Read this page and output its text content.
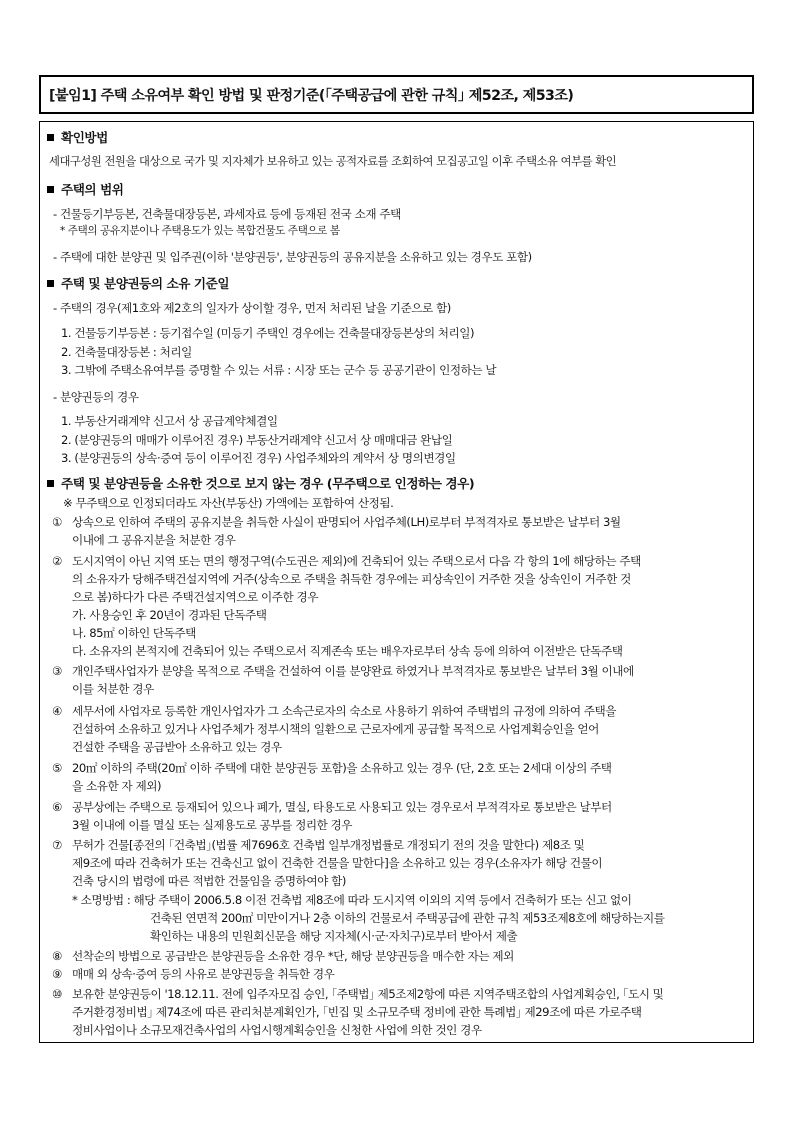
[붙임1] 주택 소유여부 확인 방법 및 판정기준(｢주택공급에 관한 규칙｣ 제52조, 제53조)
확인방법
세대구성원 전원을 대상으로 국가 및 지자체가 보유하고 있는 공적자료를 조회하여 모집공고일 이후 주택소유 여부를 확인
주택의 범위
- 건물등기부등본, 건축물대장등본, 과세자료 등에 등재된 전국 소재 주택
* 주택의 공유지분이나 주택용도가 있는 복합건물도 주택으로 봄
- 주택에 대한 분양권 및 입주권(이하 '분양권등', 분양권등의 공유지분을 소유하고 있는 경우도 포함)
주택 및 분양권등의 소유 기준일
- 주택의 경우(제1호와 제2호의 일자가 상이할 경우, 먼저 처리된 날을 기준으로 함)
1. 건물등기부등본 : 등기접수일 (미등기 주택인 경우에는 건축물대장등본상의 처리일)
2. 건축물대장등본 : 처리일
3. 그밖에 주택소유여부를 증명할 수 있는 서류 : 시장 또는 군수 등 공공기관이 인정하는 날
- 분양권등의 경우
1. 부동산거래계약 신고서 상 공급계약체결일
2. (분양권등의 매매가 이루어진 경우) 부동산거래계약 신고서 상 매매대금 완납일
3. (분양권등의 상속·증여 등이 이루어진 경우) 사업주체와의 계약서 상 명의변경일
주택 및 분양권등을 소유한 것으로 보지 않는 경우 (무주택으로 인정하는 경우)
※ 무주택으로 인정되더라도 자산(부동산) 가액에는 포함하여 산정됨.
① 상속으로 인하여 주택의 공유지분을 취득한 사실이 판명되어 사업주체(LH)로부터 부적격자로 통보받은 날부터 3월
이내에 그 공유지분을 처분한 경우
② 도시지역이 아닌 지역 또는 면의 행정구역(수도권은 제외)에 건축되어 있는 주택으로서 다음 각 항의 1에 해당하는 주택
의 소유자가 당해주택건설지역에 거주(상속으로 주택을 취득한 경우에는 피상속인이 거주한 것을 상속인이 거주한 것
으로 봄)하다가 다른 주택건설지역으로 이주한 경우
가. 사용승인 후 20년이 경과된 단독주택
나. 85㎡ 이하인 단독주택
다. 소유자의 본적지에 건축되어 있는 주택으로서 직계존속 또는 배우자로부터 상속 등에 의하여 이전받은 단독주택
③ 개인주택사업자가 분양을 목적으로 주택을 건설하여 이를 분양완료 하였거나 부적격자로 통보받은 날부터 3월 이내에
이를 처분한 경우
④ 세무서에 사업자로 등록한 개인사업자가 그 소속근로자의 숙소로 사용하기 위하여 주택법의 규정에 의하여 주택을
건설하여 소유하고 있거나 사업주체가 정부시책의 일환으로 근로자에게 공급할 목적으로 사업계획승인을 얻어
건설한 주택을 공급받아 소유하고 있는 경우
⑤ 20㎡ 이하의 주택(20㎡ 이하 주택에 대한 분양권등 포함)을 소유하고 있는 경우 (단, 2호 또는 2세대 이상의 주택
을 소유한 자 제외)
⑥ 공부상에는 주택으로 등재되어 있으나 폐가, 멸실, 타용도로 사용되고 있는 경우로서 부적격자로 통보받은 날부터
3월 이내에 이를 멸실 또는 실제용도로 공부를 정리한 경우
⑦ 무허가 건물[종전의 ｢건축법｣(법률 제7696호 건축법 일부개정법률로 개정되기 전의 것을 말한다) 제8조 및
제9조에 따라 건축허가 또는 건축신고 없이 건축한 건물을 말한다]을 소유하고 있는 경우(소유자가 해당 건물이
건축 당시의 법령에 따른 적법한 건물임을 증명하여야 함)
* 소명방법 : 해당 주택이 2006.5.8 이전 건축법 제8조에 따라 도시지역 이외의 지역 등에서 건축허가 또는 신고 없이
건축된 연면적 200㎡ 미만이거나 2층 이하의 건물로서 주택공급에 관한 규칙 제53조제8호에 해당하는지를
확인하는 내용의 민원회신문을 해당 지자체(시·군·자치구)로부터 받아서 제출
⑧ 선착순의 방법으로 공급받은 분양권등을 소유한 경우 *단, 해당 분양권등을 매수한 자는 제외
⑨ 매매 외 상속·증여 등의 사유로 분양권등을 취득한 경우
⑩ 보유한 분양권등이 '18.12.11. 전에 입주자모집 승인, ｢주택법｣ 제5조제2항에 따른 지역주택조합의 사업계획승인, ｢도시 및
주거환경정비법｣ 제74조에 따른 관리처분계획인가, ｢빈집 및 소규모주택 정비에 관한 특례법｣ 제29조에 따른 가로주택
정비사업이나 소규모재건축사업의 사업시행계획승인을 신청한 사업에 의한 것인 경우
